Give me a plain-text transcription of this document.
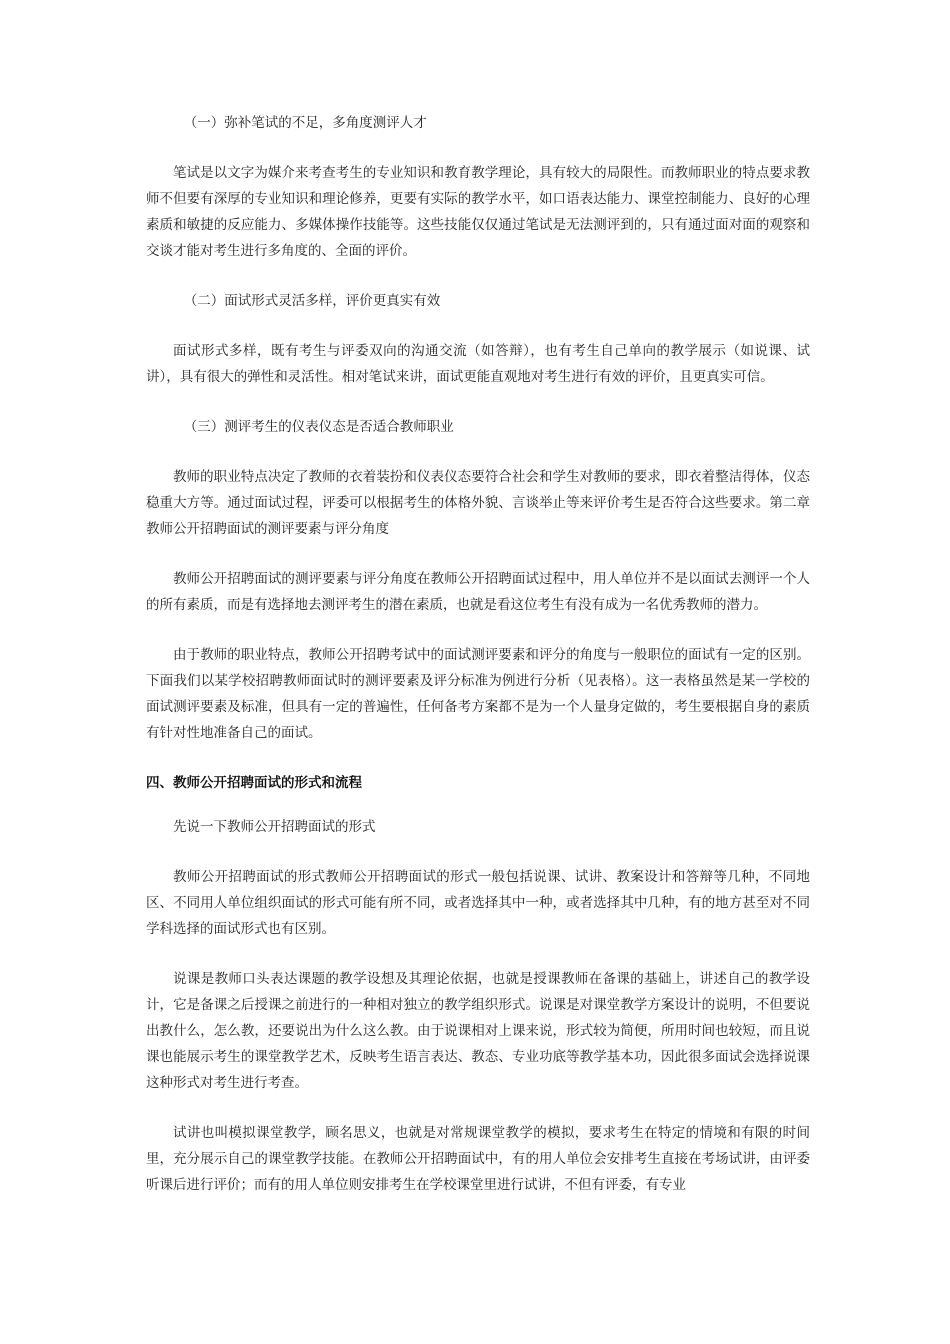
（一）弥补笔试的不足，多角度测评人才
笔试是以文字为媒介来考查考生的专业知识和教育教学理论，具有较大的局限性。而教师职业的特点要求教师不但要有深厚的专业知识和理论修养，更要有实际的教学水平，如口语表达能力、课堂控制能力、良好的心理素质和敏捷的反应能力、多媒体操作技能等。这些技能仅仅通过笔试是无法测评到的，只有通过面对面的观察和交谈才能对考生进行多角度的、全面的评价。
（二）面试形式灵活多样，评价更真实有效
面试形式多样，既有考生与评委双向的沟通交流（如答辩），也有考生自己单向的教学展示（如说课、试讲），具有很大的弹性和灵活性。相对笔试来讲，面试更能直观地对考生进行有效的评价，且更真实可信。
（三）测评考生的仪表仪态是否适合教师职业
教师的职业特点决定了教师的衣着装扮和仪表仪态要符合社会和学生对教师的要求，即衣着整洁得体，仪态稳重大方等。通过面试过程，评委可以根据考生的体格外貌、言谈举止等来评价考生是否符合这些要求。第二章教师公开招聘面试的测评要素与评分角度
教师公开招聘面试的测评要素与评分角度在教师公开招聘面试过程中，用人单位并不是以面试去测评一个人的所有素质，而是有选择地去测评考生的潜在素质，也就是看这位考生有没有成为一名优秀教师的潜力。
由于教师的职业特点，教师公开招聘考试中的面试测评要素和评分的角度与一般职位的面试有一定的区别。下面我们以某学校招聘教师面试时的测评要素及评分标准为例进行分析（见表格）。这一表格虽然是某一学校的面试测评要素及标准，但具有一定的普遍性，任何备考方案都不是为一个人量身定做的，考生要根据自身的素质有针对性地准备自己的面试。
四、教师公开招聘面试的形式和流程
先说一下教师公开招聘面试的形式
教师公开招聘面试的形式教师公开招聘面试的形式一般包括说课、试讲、教案设计和答辩等几种，不同地区、不同用人单位组织面试的形式可能有所不同，或者选择其中一种，或者选择其中几种，有的地方甚至对不同学科选择的面试形式也有区别。
说课是教师口头表达课题的教学设想及其理论依据，也就是授课教师在备课的基础上，讲述自己的教学设计，它是备课之后授课之前进行的一种相对独立的教学组织形式。说课是对课堂教学方案设计的说明，不但要说出教什么，怎么教，还要说出为什么这么教。由于说课相对上课来说，形式较为简便，所用时间也较短，而且说课也能展示考生的课堂教学艺术，反映考生语言表达、教态、专业功底等教学基本功，因此很多面试会选择说课这种形式对考生进行考查。
试讲也叫模拟课堂教学，顾名思义，也就是对常规课堂教学的模拟，要求考生在特定的情境和有限的时间里，充分展示自己的课堂教学技能。在教师公开招聘面试中，有的用人单位会安排考生直接在考场试讲，由评委听课后进行评价；而有的用人单位则安排考生在学校课堂里进行试讲，不但有评委，有专业
